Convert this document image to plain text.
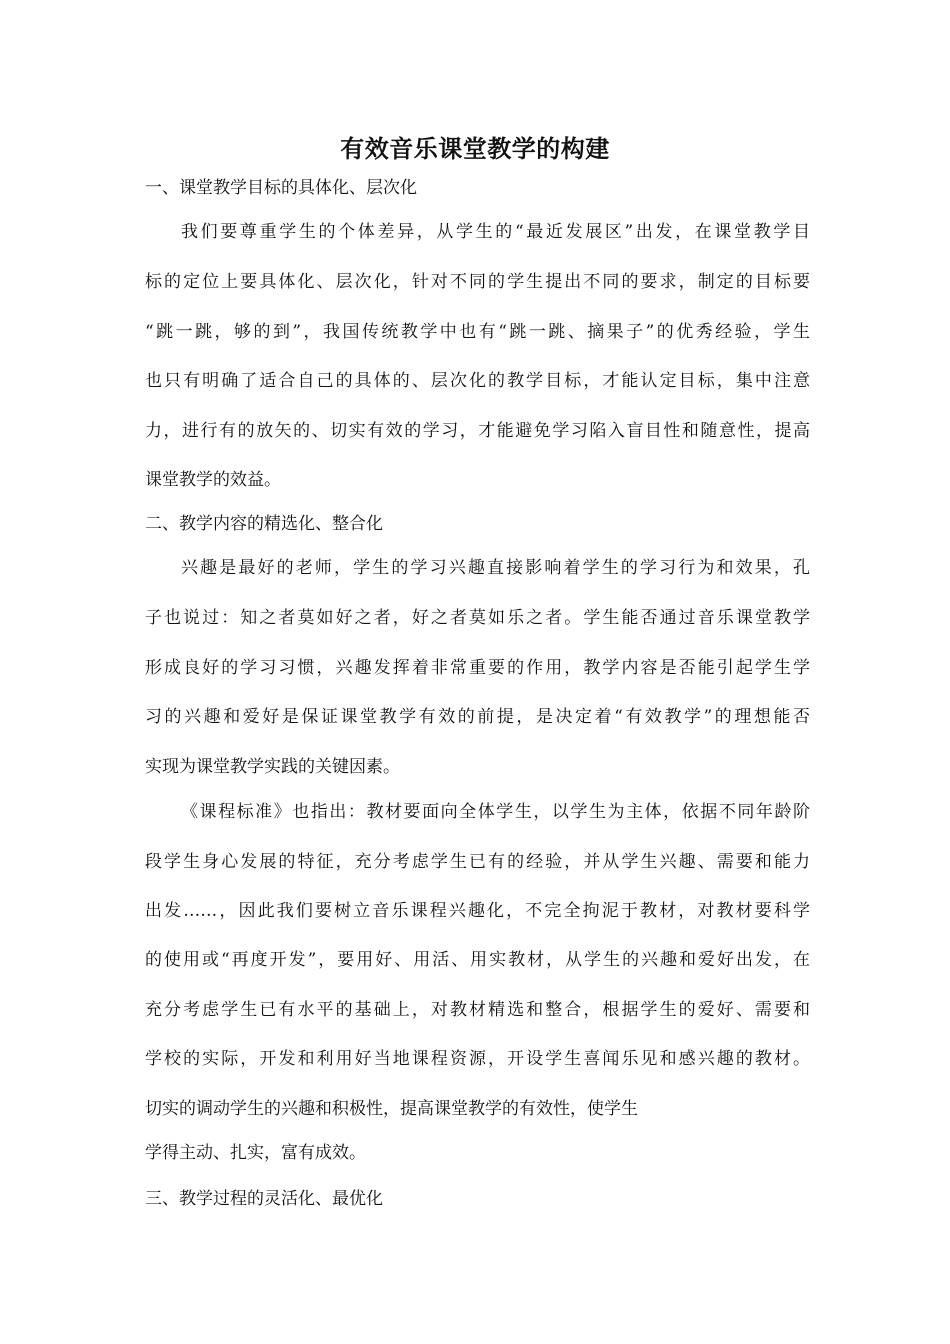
有效音乐课堂教学的构建
一、课堂教学目标的具体化、层次化
我们要尊重学生的个体差异，从学生的“最近发展区”出发，在课堂教学目
标的定位上要具体化、层次化，针对不同的学生提出不同的要求，制定的目标要
“跳一跳，够的到”，我国传统教学中也有“跳一跳、摘果子”的优秀经验，学生
也只有明确了适合自己的具体的、层次化的教学目标，才能认定目标，集中注意
力，进行有的放矢的、切实有效的学习，才能避免学习陷入盲目性和随意性，提高
课堂教学的效益。
二、教学内容的精选化、整合化
兴趣是最好的老师，学生的学习兴趣直接影响着学生的学习行为和效果，孔
子也说过：知之者莫如好之者，好之者莫如乐之者。学生能否通过音乐课堂教学
形成良好的学习习惯，兴趣发挥着非常重要的作用，教学内容是否能引起学生学
习的兴趣和爱好是保证课堂教学有效的前提，是决定着“有效教学”的理想能否
实现为课堂教学实践的关键因素。
《课程标准》也指出：教材要面向全体学生，以学生为主体，依据不同年龄阶
段学生身心发展的特征，充分考虑学生已有的经验，并从学生兴趣、需要和能力
出发……，因此我们要树立音乐课程兴趣化，不完全拘泥于教材，对教材要科学
的使用或“再度开发”，要用好、用活、用实教材，从学生的兴趣和爱好出发，在
充分考虑学生已有水平的基础上，对教材精选和整合，根据学生的爱好、需要和
学校的实际，开发和利用好当地课程资源，开设学生喜闻乐见和感兴趣的教材。
切实的调动学生的兴趣和积极性，提高课堂教学的有效性，使学生
学得主动、扎实，富有成效。
三、教学过程的灵活化、最优化
